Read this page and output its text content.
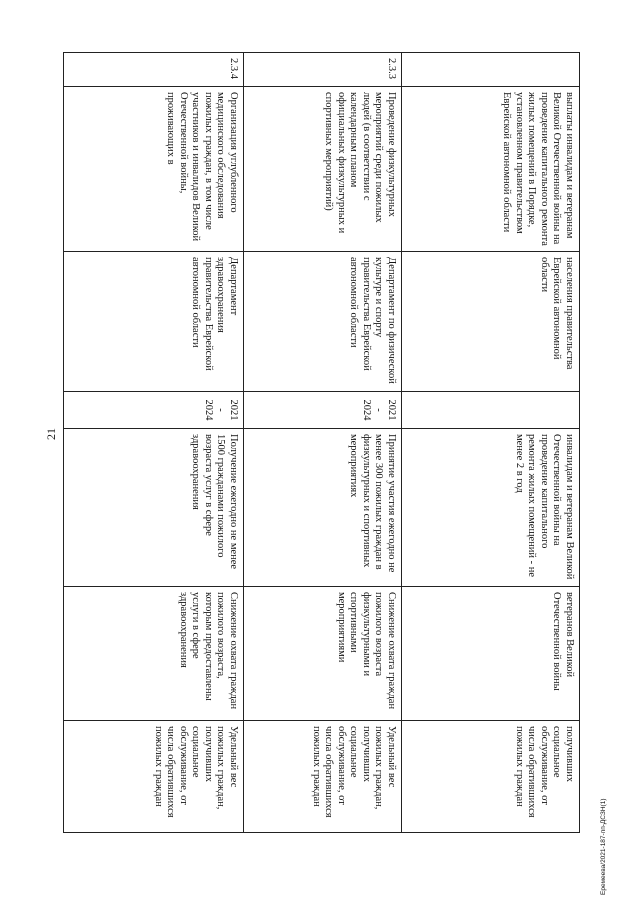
21
	выплаты инвалидам и ветеранам Великой Отечественной войны на проведение капитального ремонта жилых помещений в Порядке, установленном правительством Еврейской автономной области	населения правительства Еврейской автономной области		инвалидам и ветеранам Великой Отечественной войны на проведение капитального ремонта жилых помещений - не менее 2 в год	ветеранов Великой Отечественной войны	получивших социальное обслуживание, от числа обратившихся пожилых граждан
2.3.3	Проведение физкультурных мероприятий среди пожилых людей (в соответствии с календарным планом официальных физкультурных и спортивных мероприятий)	Департамент по физической культуре и спорту правительства Еврейской автономной области	2021 - 2024	Принятие участия ежегодно не менее 300 пожилых граждан в физкультурных и спортивных мероприятиях	Снижение охвата граждан пожилого возраста физкультурными и спортивными мероприятиями	Удельный вес пожилых граждан, получивших социальное обслуживание, от числа обратившихся пожилых граждан
2.3.4	Организация углубленного медицинского обследования пожилых граждан, в том числе участников и инвалидов Великой Отечественной войны, проживающих в	Департамент здравоохранения правительства Еврейской автономной области	2021 - 2024	Получение ежегодно не менее 1500 гражданами пожилого возраста услуг в сфере здравоохранения	Снижение охвата граждан пожилого возраста, которым предоставлены услуги в сфере здравоохранения	Удельный вес пожилых граждан, получивших социальное обслуживание, от числа обратившихся пожилых граждан
Еремеева/2021-187-пп-ДСЗН(1)
